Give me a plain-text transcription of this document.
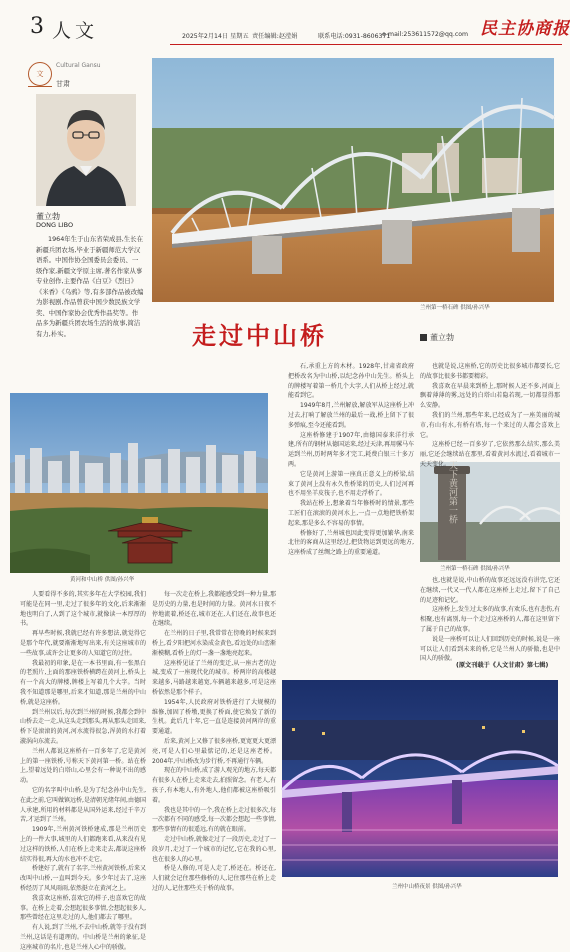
3 人文	2025年2月14日 星期五 责任编辑:赵滢娟	联系电话:0931-8606371
e-mail:253611572@qq.com 民主协商报
文
Cultural Gansu
甘肃
董立勃
DONG LIBO
1964年生于山东省荣成县,生长在新疆兵团农场,毕业于新疆师范大学汉语系。中国作协全国委员会委员、一级作家,新疆文学原主席,著名作家从事专业创作,主要作品《白豆》《烈日》《米香》《乌鸦》等,有多部作品被改编为影视剧,作品曾获中国少数民族文学奖、中国作家协会优秀作品奖等。作品多为新疆兵团农场生活的故事,简洁有力,朴实。
兰州第一桥石碑 供图/孙兴华
走过中山桥	董立勃
黄河和中山桥 供图/孙兴华
天下黄河第一桥
兰州第一桥石碑 供图/孙兴华
兰州中山桥夜景 供图/孙兴华

人要看得不多的,其实多年在大学校园,我们可能是在同一里,走过了很多年的文化,后来渐渐地也明白了,人到了这个城市,就像读一本厚厚的书。

再早些时候,我就已经有许多想法,就觉得它是那个年代,就要渐渐地写出来,有关这座城市的一些故事,或许会让更多的人知道它的过往。

我最初的印象,是在一本书里面,有一张黑白的老照片,上面的那座铁桥横跨在黄河上,桥头上有一个高大的牌楼,牌楼上写着几个大字。当时我不知道那是哪里,后来才知道,那是兰州的中山桥,就是这座桥。

到兰州以后,每次到兰州的时候,我都会到中山桥去走一走,从这头走到那头,再从那头走回来,桥下是滚滚的黄河,河水流得很急,浑黄的水打着漩涡向东流去。

兰州人都说这座桥有一百多年了,它是黄河上的第一座铁桥,号称天下黄河第一桥。站在桥上,望着远处的白塔山,心里会有一种说不出的感动。

它的名字叫中山桥,是为了纪念孙中山先生,在此之前,它叫做镇远桥,是清朝光绪年间,由德国人承建,所用的材料都是从国外运来,经过千辛万苦,才运到了兰州。

1909年,兰州黄河铁桥建成,那是兰州历史上的一件大事,城里的人们都跑来看,从来没有见过这样的铁桥,人们在桥上走来走去,都说这座桥结实得很,再大的水也冲不走它。

桥建好了,就有了名字,兰州黄河铁桥,后来又改叫中山桥,一直叫到今天。多少年过去了,这座桥经历了风风雨雨,依然挺立在黄河之上。

我喜欢这座桥,喜欢它的样子,也喜欢它的故事。在桥上走着,会想起很多事情,会想起很多人,那些曾经在这里走过的人,他们都去了哪里。

有人说,到了兰州,不去中山桥,就等于没有到兰州,这话是有道理的。中山桥是兰州的象征,是这座城市的名片,也是兰州人心中的骄傲。

每一次走在桥上,我都能感受到一种力量,那是历史的力量,也是时间的力量。黄河水日夜不停地流着,桥还在,城市还在,人们还在,故事也还在继续。

在兰州的日子里,我常常在傍晚的时候来到桥上,看夕阳把河水染成金黄色,看远处的山峦渐渐模糊,看桥上的灯一盏一盏地亮起来。

这座桥见证了兰州的变迁,从一座古老的边城,变成了一座现代化的城市。桥两岸的高楼越来越多,马路越来越宽,车辆越来越多,可是这座桥依然是那个样子。

1954年,人民政府对铁桥进行了大规模的维修,加固了桥墩,更换了桥面,使它焕发了新的生机。此后几十年,它一直是连接黄河两岸的重要通道。

后来,黄河上又修了很多座桥,更宽更大更漂亮,可是人们心里最惦记的,还是这座老桥。2004年,中山桥改为步行桥,不再通行车辆。

现在的中山桥,成了游人观光的地方,每天都有很多人在桥上走来走去,拍照留念。有老人,有孩子,有本地人,有外地人,他们都被这座桥吸引着。

我也是其中的一个,我在桥上走过很多次,每一次都有不同的感受,每一次都会想起一些事情,那些事情有的很遥远,有的就在眼前。

走过中山桥,就像走过了一段历史,走过了一段岁月,走过了一个城市的记忆,它在我的心里,也在很多人的心里。

桥是人修的,可是人走了,桥还在。桥还在,人们就会记住那些修桥的人,记住那些在桥上走过的人,记住那些关于桥的故事。

石,承重上方的木材。1928年,甘肃省政府把桥改名为中山桥,以纪念孙中山先生。桥头上的牌楼写着第一桥几个大字,人们从桥上经过,就能看到它。

1949年8月,兰州解放,解放军从这座桥上冲过去,打响了解放兰州的最后一战,桥上留下了很多弹痕,至今还能看到。

这座桥修建于1907年,由德国泰来洋行承建,所有的钢材从德国运来,经过天津,再用骡马车运到兰州,历时两年多才完工,耗费白银三十多万两。

它是黄河上游第一座真正意义上的桥梁,结束了黄河上没有永久性桥梁的历史,人们过河再也不用坐羊皮筏子,也不用走浮桥了。

我站在桥上,想象着当年修桥时的情景,那些工匠们在滚滚的黄河水上,一点一点地把铁桥架起来,那是多么不容易的事情。

桥修好了,兰州城也因此变得更加繁华,南来北往的客商从这里经过,把货物运到更远的地方,这座桥成了丝绸之路上的重要通道。

也就是说,这座桥,它的历史比很多城市都要长,它的故事比很多书都要精彩。

我喜欢在早晨来到桥上,那时候人还不多,河面上飘着薄薄的雾,远处的白塔山若隐若现,一切都显得那么安静。

我们的兰州,那些年来,已经成为了一座美丽的城市,有山有水,有桥有塔,每一个来过的人都会喜欢上它。

这座桥已经一百多岁了,它依然那么结实,那么美丽,它还会继续站在那里,看着黄河水流过,看着城市一天天变化。

也,也就是说,中山桥的故事还远远没有讲完,它还在继续,一代又一代人都在这座桥上走过,留下了自己的足迹和记忆。

这座桥上,发生过太多的故事,有欢乐,也有悲伤,有相聚,也有离别,每一个走过这座桥的人,都在这里留下了属于自己的故事。

说是一座桥可以让人们回到历史的时候,说是一座可以让人们看到未来的桥,它是兰州人的骄傲,也是中国人的骄傲。

(原文刊载于《人文甘肃》第七辑)
